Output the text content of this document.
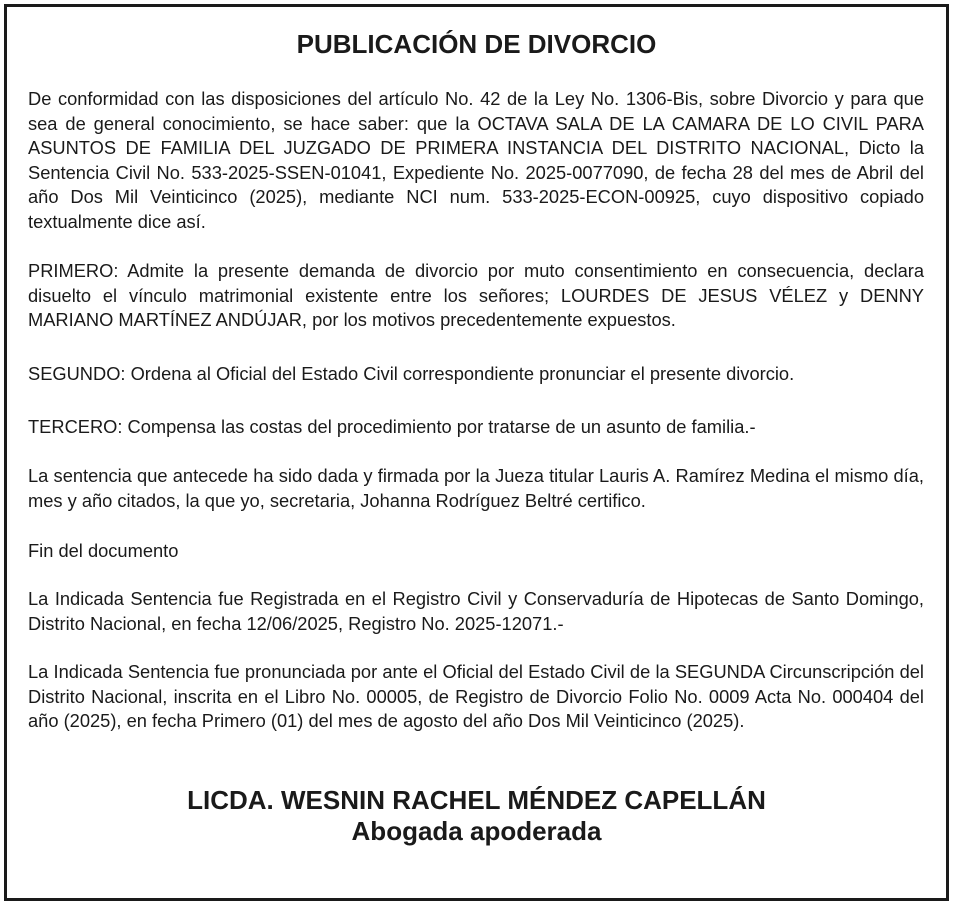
PUBLICACIÓN DE DIVORCIO
De conformidad con las disposiciones del artículo No. 42 de la Ley No. 1306-Bis, sobre Divorcio y para que sea de general conocimiento, se hace saber: que la OCTAVA SALA DE LA CAMARA DE LO CIVIL PARA ASUNTOS DE FAMILIA DEL JUZGADO DE PRIMERA INSTANCIA DEL DISTRITO NACIONAL, Dicto la Sentencia Civil No. 533-2025-SSEN-01041, Expediente No. 2025-0077090, de fecha 28 del mes de Abril del año Dos Mil Veinticinco (2025), mediante NCI num. 533-2025-ECON-00925, cuyo dispositivo copiado textualmente dice así.
PRIMERO: Admite la presente demanda de divorcio por muto consentimiento en consecuencia, declara disuelto el vínculo matrimonial existente entre los señores; LOURDES DE JESUS VÉLEZ y DENNY MARIANO MARTÍNEZ ANDÚJAR, por los motivos precedentemente expuestos.
SEGUNDO: Ordena al Oficial del Estado Civil correspondiente pronunciar el presente divorcio.
TERCERO: Compensa las costas del procedimiento por tratarse de un asunto de familia.-
La sentencia que antecede ha sido dada y firmada por la Jueza titular Lauris A. Ramírez Medina el mismo día, mes y año citados, la que yo, secretaria, Johanna Rodríguez Beltré certifico.
Fin del documento
La Indicada Sentencia fue Registrada en el Registro Civil y Conservaduría de Hipotecas de Santo Domingo, Distrito Nacional, en fecha 12/06/2025, Registro No. 2025-12071.-
La Indicada Sentencia fue pronunciada por ante el Oficial del Estado Civil de la SEGUNDA Circunscripción del Distrito Nacional, inscrita en el Libro No. 00005, de Registro de Divorcio Folio No. 0009 Acta No. 000404 del año (2025), en fecha Primero (01) del mes de agosto del año Dos Mil Veinticinco (2025).
LICDA. WESNIN RACHEL MÉNDEZ CAPELLÁN
Abogada apoderada
